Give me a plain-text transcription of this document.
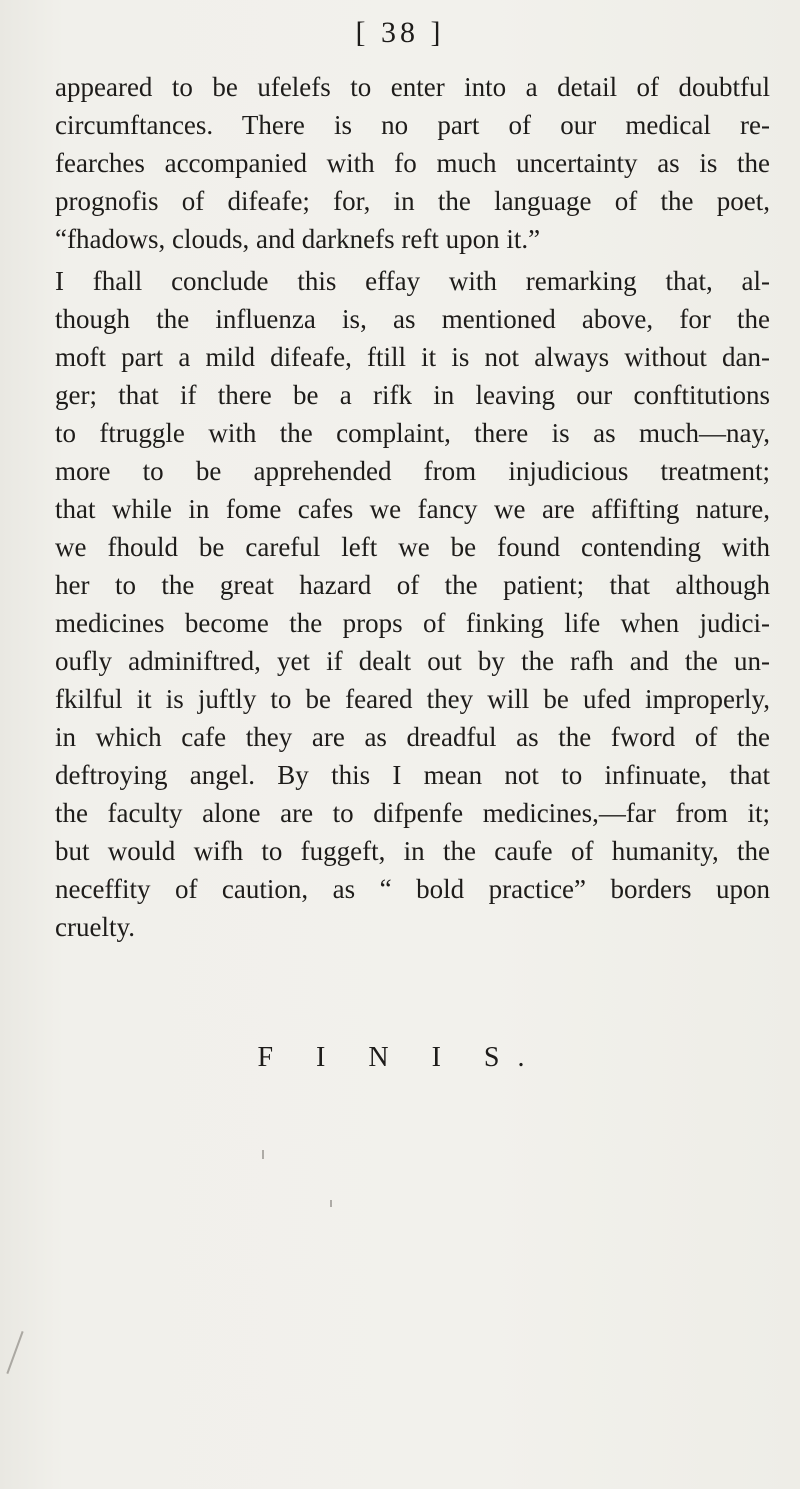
[ 38 ]
appeared to be ufelefs to enter into a detail of doubtful
circumftances. There is no part of our medical re-
fearches accompanied with fo much uncertainty as is the
prognofis of difeafe; for, in the language of the poet,
“fhadows, clouds, and darknefs reft upon it.”
I fhall conclude this effay with remarking that, al-
though the influenza is, as mentioned above, for the
moft part a mild difeafe, ftill it is not always without dan-
ger; that if there be a rifk in leaving our conftitutions
to ftruggle with the complaint, there is as much—nay,
more to be apprehended from injudicious treatment;
that while in fome cafes we fancy we are affifting nature,
we fhould be careful left we be found contending with
her to the great hazard of the patient; that although
medicines become the props of finking life when judici-
oufly adminiftred, yet if dealt out by the rafh and the un-
fkilful it is juftly to be feared they will be ufed improperly,
in which cafe they are as dreadful as the fword of the
deftroying angel. By this I mean not to infinuate, that
the faculty alone are to difpenfe medicines,—far from it;
but would wifh to fuggeft, in the caufe of humanity, the
neceffity of caution, as “ bold practice” borders upon
cruelty.
F I N I S.
